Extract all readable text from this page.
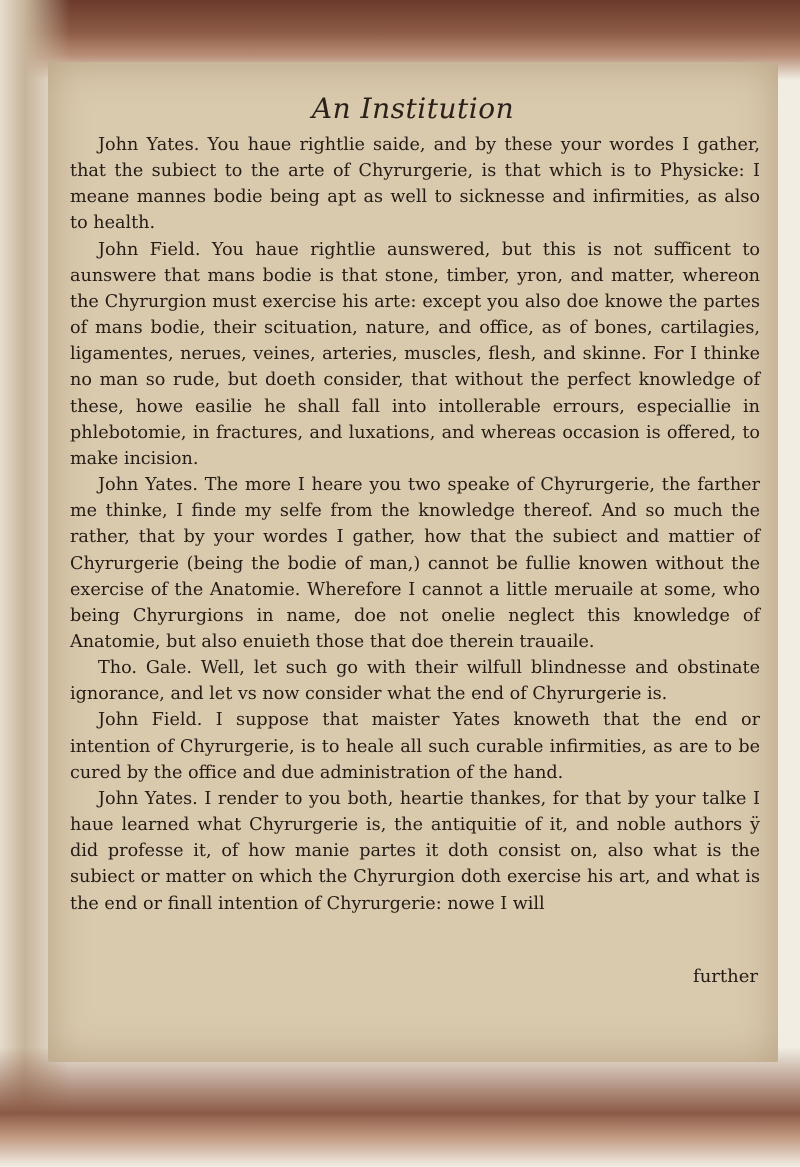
An Institution

John Yates. You haue rightlie saide, and by these your wordes I gather, that the subiect to the arte of Chyrurgerie, is that which is to Physicke: I meane mannes bodie being apt as well to sicknesse and infirmities, as also to health.

John Field. You haue rightlie aunswered, but this is not sufficent to aunswere that mans bodie is that stone, timber, yron, and matter, whereon the Chyrurgion must exercise his arte: except you also doe knowe the partes of mans bodie, their scituation, nature, and office, as of bones, cartilagies, ligamentes, nerues, veines, arteries, muscles, flesh, and skinne. For I thinke no man so rude, but doeth consider, that without the perfect knowledge of these, howe easilie he shall fall into intollerable errours, especiallie in phlebotomie, in fractures, and luxations, and whereas occasion is offered, to make incision.

John Yates. The more I heare you two speake of Chyrurgerie, the farther me thinke, I finde my selfe from the knowledge thereof. And so much the rather, that by your wordes I gather, how that the subiect and mattier of Chyrurgerie (being the bodie of man,) cannot be fullie knowen without the exercise of the Anatomie. Wherefore I cannot a little meruaile at some, who being Chyrurgions in name, doe not onelie neglect this knowledge of Anatomie, but also enuieth those that doe therein trauaile.

Tho. Gale. Well, let such go with their wilfull blindnesse and obstinate ignorance, and let vs now consider what the end of Chyrurgerie is.

John Field. I suppose that maister Yates knoweth that the end or intention of Chyrurgerie, is to heale all such curable infirmities, as are to be cured by the office and due administration of the hand.

John Yates. I render to you both, heartie thankes, for that by your talke I haue learned what Chyrurgerie is, the antiquitie of it, and noble authors ÿ did professe it, of how manie partes it doth consist on, also what is the subiect or matter on which the Chyrurgion doth exercise his art, and what is the end or finall intention of Chyrurgerie: nowe I will

further
